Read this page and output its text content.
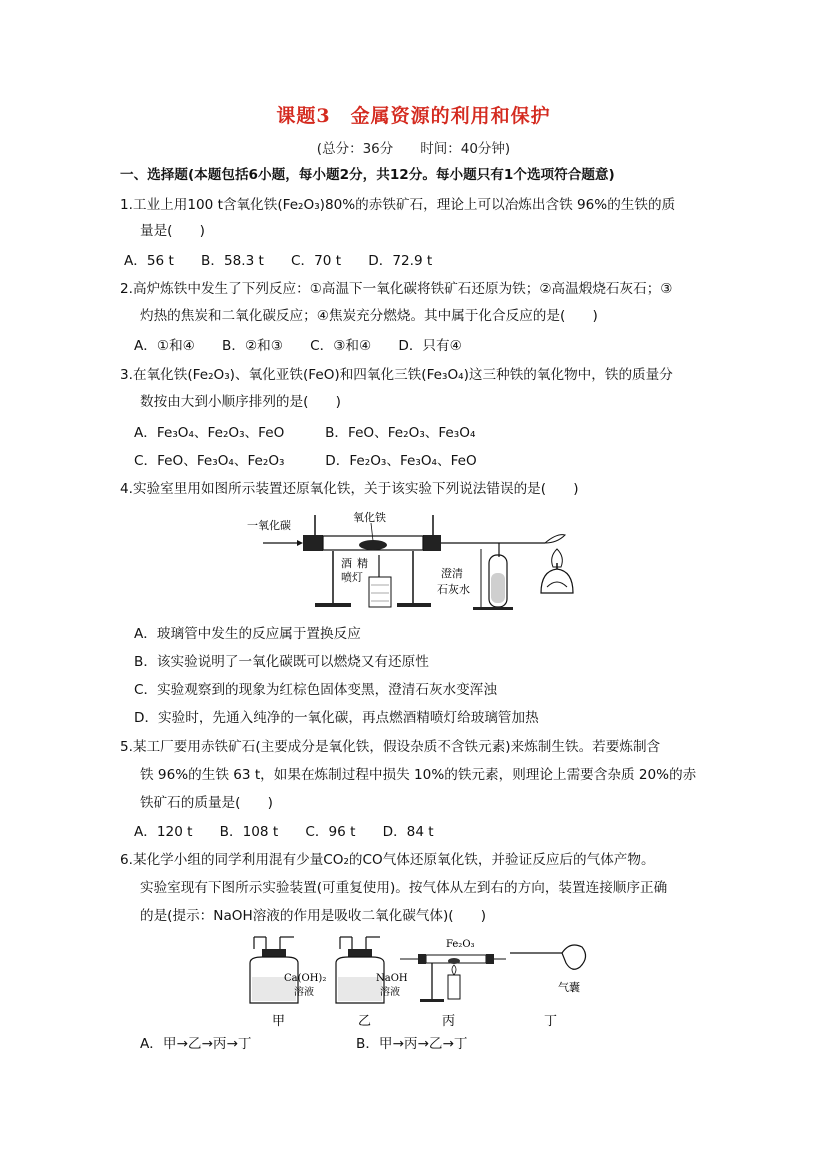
课题3　金属资源的利用和保护
(总分：36分　　时间：40分钟)
一、选择题(本题包括6小题，每小题2分，共12分。每小题只有1个选项符合题意)
1.工业上用100 t含氧化铁(Fe₂O₃)80%的赤铁矿石，理论上可以冶炼出含铁 96%的生铁的质
量是(　　)
A．56 t　　B．58.3 t　　C．70 t　　D．72.9 t
2.高炉炼铁中发生了下列反应：①高温下一氧化碳将铁矿石还原为铁；②高温煅烧石灰石；③
灼热的焦炭和二氧化碳反应；④焦炭充分燃烧。其中属于化合反应的是(　　)
A．①和④　　B．②和③　　C．③和④　　D．只有④
3.在氧化铁(Fe₂O₃)、氧化亚铁(FeO)和四氧化三铁(Fe₃O₄)这三种铁的氧化物中，铁的质量分
数按由大到小顺序排列的是(　　)
A．Fe₃O₄、Fe₂O₃、FeO　　　B．FeO、Fe₂O₃、Fe₃O₄
C．FeO、Fe₃O₄、Fe₂O₃　　　D．Fe₂O₃、Fe₃O₄、FeO
4.实验室里用如图所示装置还原氧化铁，关于该实验下列说法错误的是(　　)
一氧化碳
氧化铁
酒 精
喷灯	澄清
石灰水
A．玻璃管中发生的反应属于置换反应
B．该实验说明了一氧化碳既可以燃烧又有还原性
C．实验观察到的现象为红棕色固体变黑，澄清石灰水变浑浊
D．实验时，先通入纯净的一氧化碳，再点燃酒精喷灯给玻璃管加热
5.某工厂要用赤铁矿石(主要成分是氧化铁，假设杂质不含铁元素)来炼制生铁。若要炼制含
铁 96%的生铁 63 t，如果在炼制过程中损失 10%的铁元素，则理论上需要含杂质 20%的赤
铁矿石的质量是(　　)
A．120 t　　B．108 t　　C．96 t　　D．84 t
6.某化学小组的同学利用混有少量CO₂的CO气体还原氧化铁，并验证反应后的气体产物。
实验室现有下图所示实验装置(可重复使用)。按气体从左到右的方向，装置连接顺序正确
的是(提示：NaOH溶液的作用是吸收二氧化碳气体)(　　)
Ca(OH)₂
溶液
甲
NaOH
溶液
乙
Fe₂O₃
丙
气囊
丁
A．甲→乙→丙→丁	B．甲→丙→乙→丁
